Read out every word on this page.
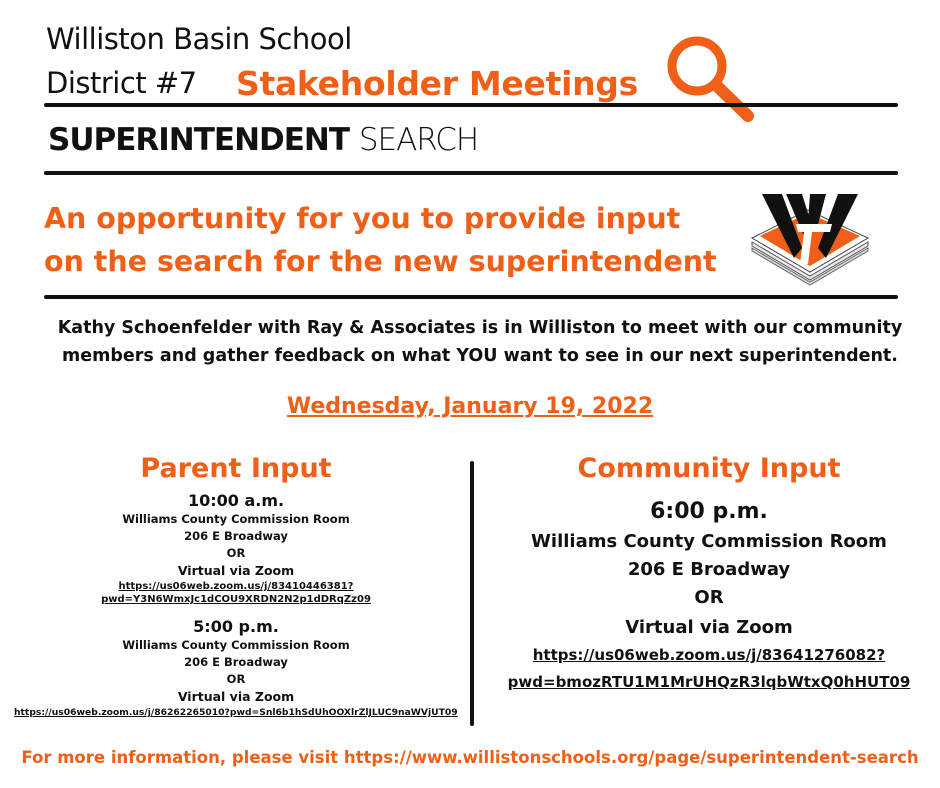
Williston Basin School
District #7 Stakeholder Meetings
SUPERINTENDENT SEARCH
An opportunity for you to provide input
on the search for the new superintendent
Kathy Schoenfelder with Ray & Associates is in Williston to meet with our community
members and gather feedback on what YOU want to see in our next superintendent.
Wednesday, January 19, 2022
Parent Input
10:00 a.m.
Williams County Commission Room
206 E Broadway
OR
Virtual via Zoom
https://us06web.zoom.us/j/83410446381?
pwd=Y3N6WmxJc1dCOU9XRDN2N2p1dDRqZz09
5:00 p.m.
Williams County Commission Room
206 E Broadway
OR
Virtual via Zoom
https://us06web.zoom.us/j/86262265010?pwd=Snl6b1hSdUhOOXlrZlJLUC9naWVjUT09
Community Input
6:00 p.m.
Williams County Commission Room
206 E Broadway
OR
Virtual via Zoom
https://us06web.zoom.us/j/83641276082?
pwd=bmozRTU1M1MrUHQzR3lqbWtxQ0hHUT09
For more information, please visit https://www.willistonschools.org/page/superintendent-search
